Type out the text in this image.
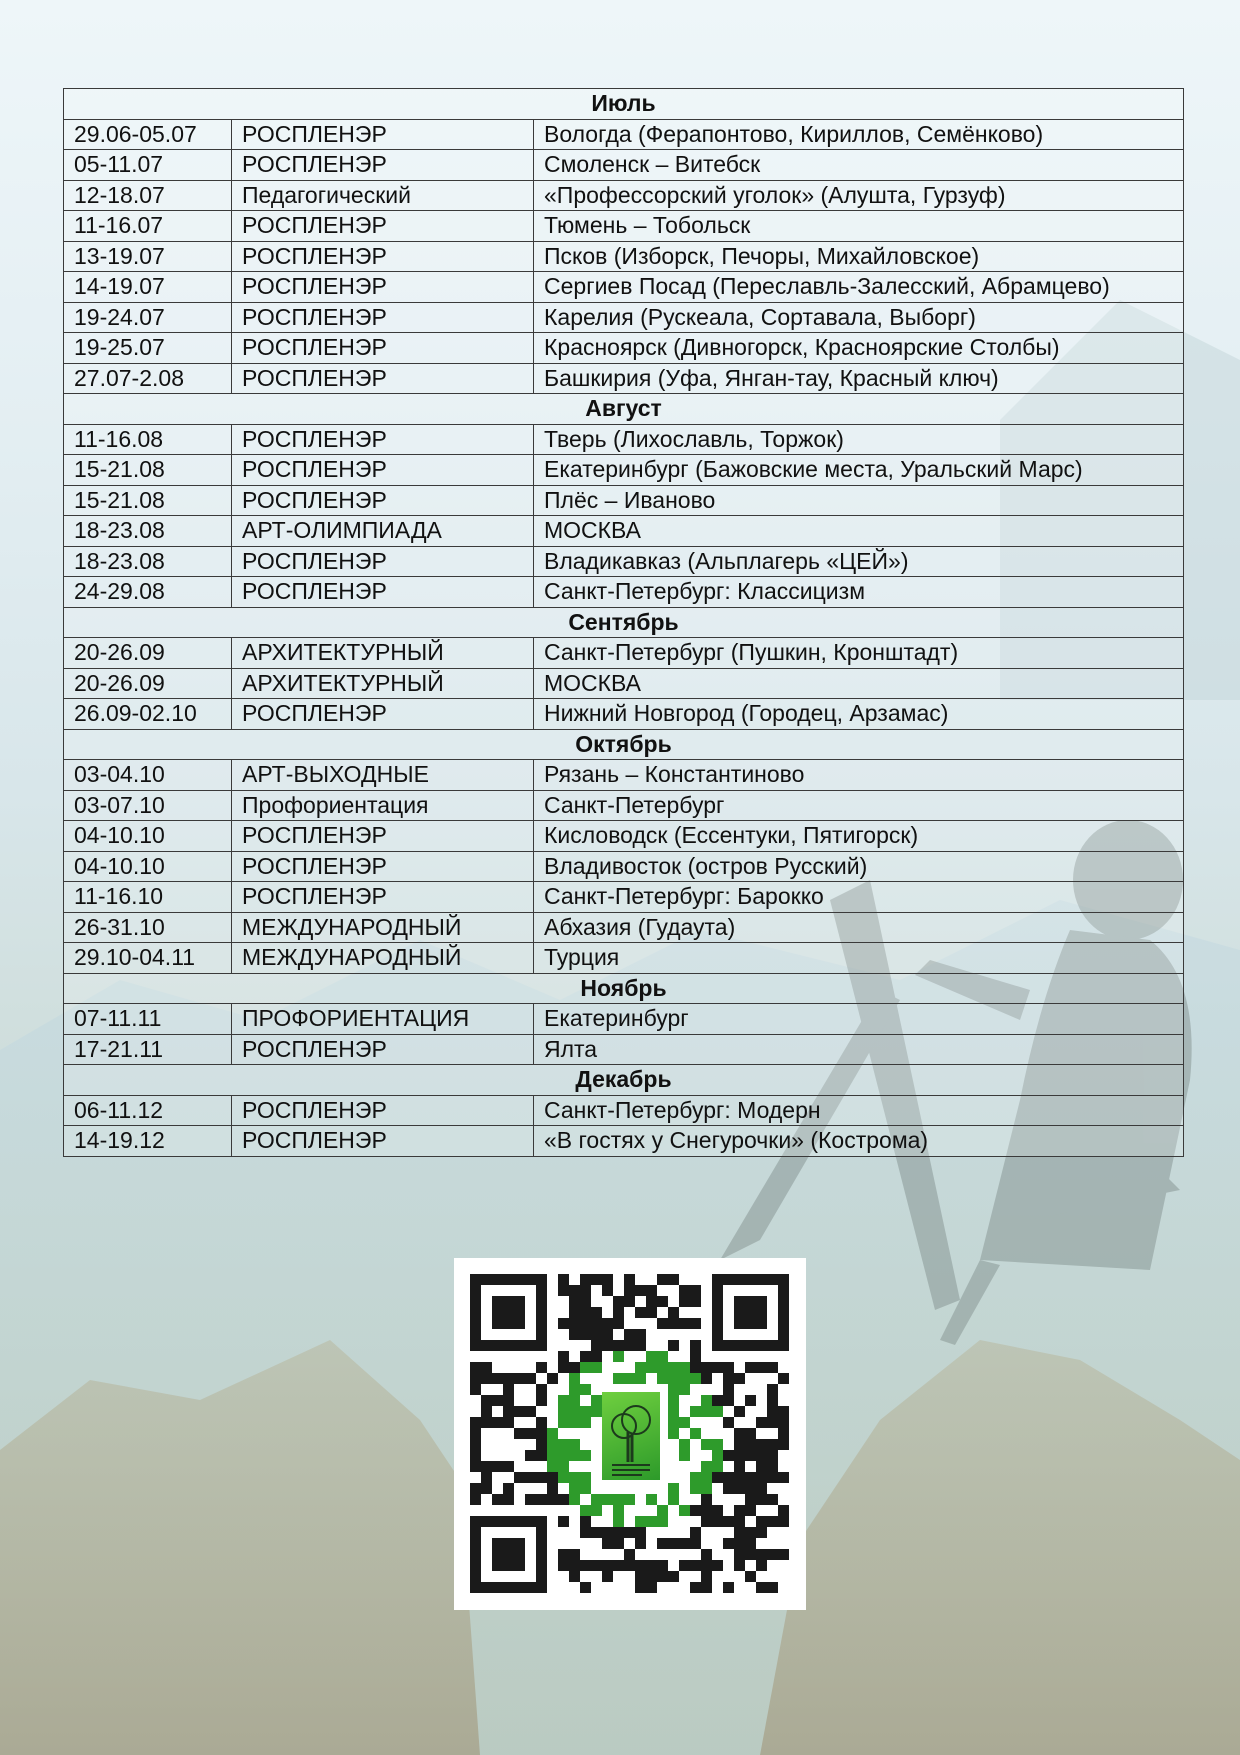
Июль		
29.06-05.07	РОСПЛЕНЭР	Вологда (Ферапонтово, Кириллов, Семёнково)
05-11.07	РОСПЛЕНЭР	Смоленск – Витебск
12-18.07	Педагогический	«Профессорский уголок» (Алушта, Гурзуф)
11-16.07	РОСПЛЕНЭР	Тюмень – Тобольск
13-19.07	РОСПЛЕНЭР	Псков (Изборск, Печоры, Михайловское)
14-19.07	РОСПЛЕНЭР	Сергиев Посад (Переславль-Залесский, Абрамцево)
19-24.07	РОСПЛЕНЭР	Карелия (Рускеала, Сортавала, Выборг)
19-25.07	РОСПЛЕНЭР	Красноярск (Дивногорск, Красноярские Столбы)
27.07-2.08	РОСПЛЕНЭР	Башкирия (Уфа, Янган-тау, Красный ключ)
Август		
11-16.08	РОСПЛЕНЭР	Тверь (Лихославль, Торжок)
15-21.08	РОСПЛЕНЭР	Екатеринбург (Бажовские места, Уральский Марс)
15-21.08	РОСПЛЕНЭР	Плёс – Иваново
18-23.08	АРТ-ОЛИМПИАДА	МОСКВА
18-23.08	РОСПЛЕНЭР	Владикавказ (Альплагерь «ЦЕЙ»)
24-29.08	РОСПЛЕНЭР	Санкт-Петербург: Классицизм
Сентябрь		
20-26.09	АРХИТЕКТУРНЫЙ	Санкт-Петербург (Пушкин, Кронштадт)
20-26.09	АРХИТЕКТУРНЫЙ	МОСКВА
26.09-02.10	РОСПЛЕНЭР	Нижний Новгород (Городец, Арзамас)
Октябрь		
03-04.10	АРТ-ВЫХОДНЫЕ	Рязань – Константиново
03-07.10	Профориентация	Санкт-Петербург
04-10.10	РОСПЛЕНЭР	Кисловодск (Ессентуки, Пятигорск)
04-10.10	РОСПЛЕНЭР	Владивосток (остров Русский)
11-16.10	РОСПЛЕНЭР	Санкт-Петербург: Барокко
26-31.10	МЕЖДУНАРОДНЫЙ	Абхазия (Гудаута)
29.10-04.11	МЕЖДУНАРОДНЫЙ	Турция
Ноябрь		
07-11.11	ПРОФОРИЕНТАЦИЯ	Екатеринбург
17-21.11	РОСПЛЕНЭР	Ялта
Декабрь		
06-11.12	РОСПЛЕНЭР	Санкт-Петербург: Модерн
14-19.12	РОСПЛЕНЭР	«В гостях у Снегурочки» (Кострома)
